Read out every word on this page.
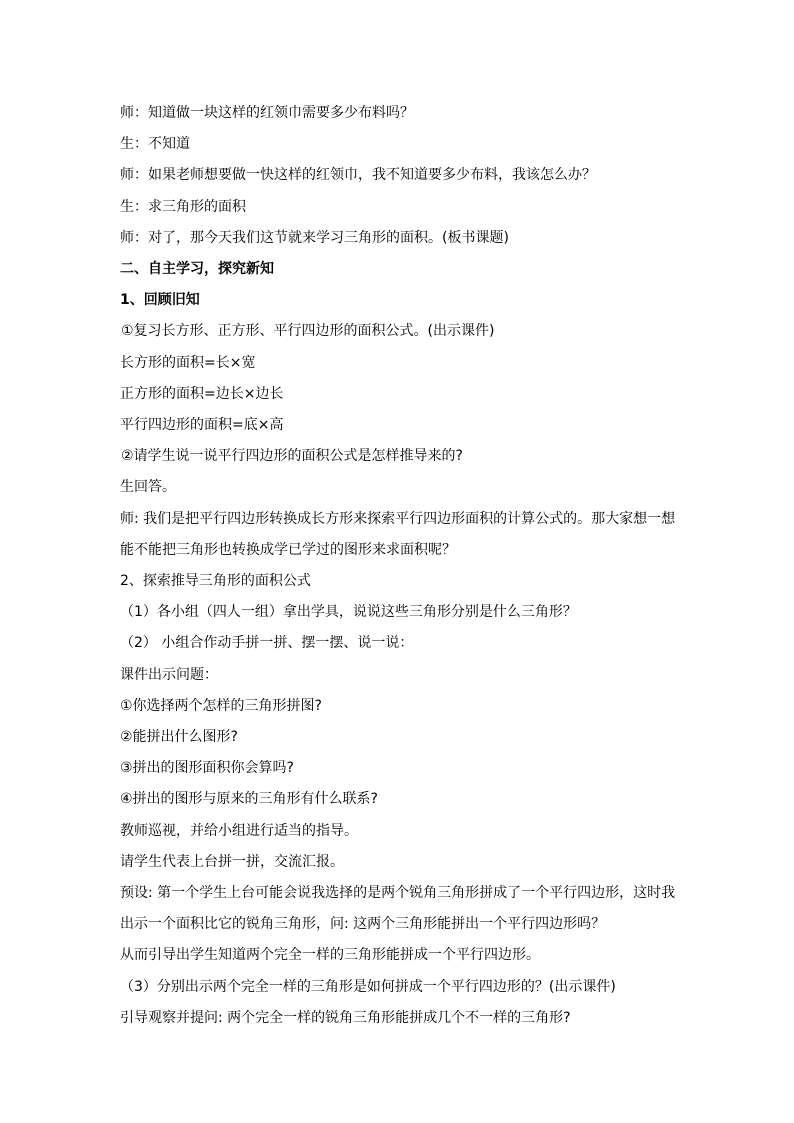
师：知道做一块这样的红领巾需要多少布料吗？
生：不知道
师：如果老师想要做一快这样的红领巾，我不知道要多少布料，我该怎么办？
生：求三角形的面积
师：对了，那今天我们这节就来学习三角形的面积。(板书课题)
二、自主学习，探究新知
1、回顾旧知
①复习长方形、正方形、平行四边形的面积公式。(出示课件)
长方形的面积=长×宽
正方形的面积=边长×边长
平行四边形的面积=底×高
②请学生说一说平行四边形的面积公式是怎样推导来的?
生回答。
师: 我们是把平行四边形转换成长方形来探索平行四边形面积的计算公式的。那大家想一想
能不能把三角形也转换成学已学过的图形来求面积呢？
2、探索推导三角形的面积公式
（1）各小组（四人一组）拿出学具，说说这些三角形分别是什么三角形？
（2） 小组合作动手拼一拼、摆一摆、说一说：
课件出示问题：
①你选择两个怎样的三角形拼图?
②能拼出什么图形?
③拼出的图形面积你会算吗?
④拼出的图形与原来的三角形有什么联系?
教师巡视，并给小组进行适当的指导。
请学生代表上台拼一拼，交流汇报。
预设: 第一个学生上台可能会说我选择的是两个锐角三角形拼成了一个平行四边形，这时我
出示一个面积比它的锐角三角形，问: 这两个三角形能拼出一个平行四边形吗？
从而引导出学生知道两个完全一样的三角形能拼成一个平行四边形。
（3）分别出示两个完全一样的三角形是如何拼成一个平行四边形的？(出示课件)
引导观察并提问: 两个完全一样的锐角三角形能拼成几个不一样的三角形?
